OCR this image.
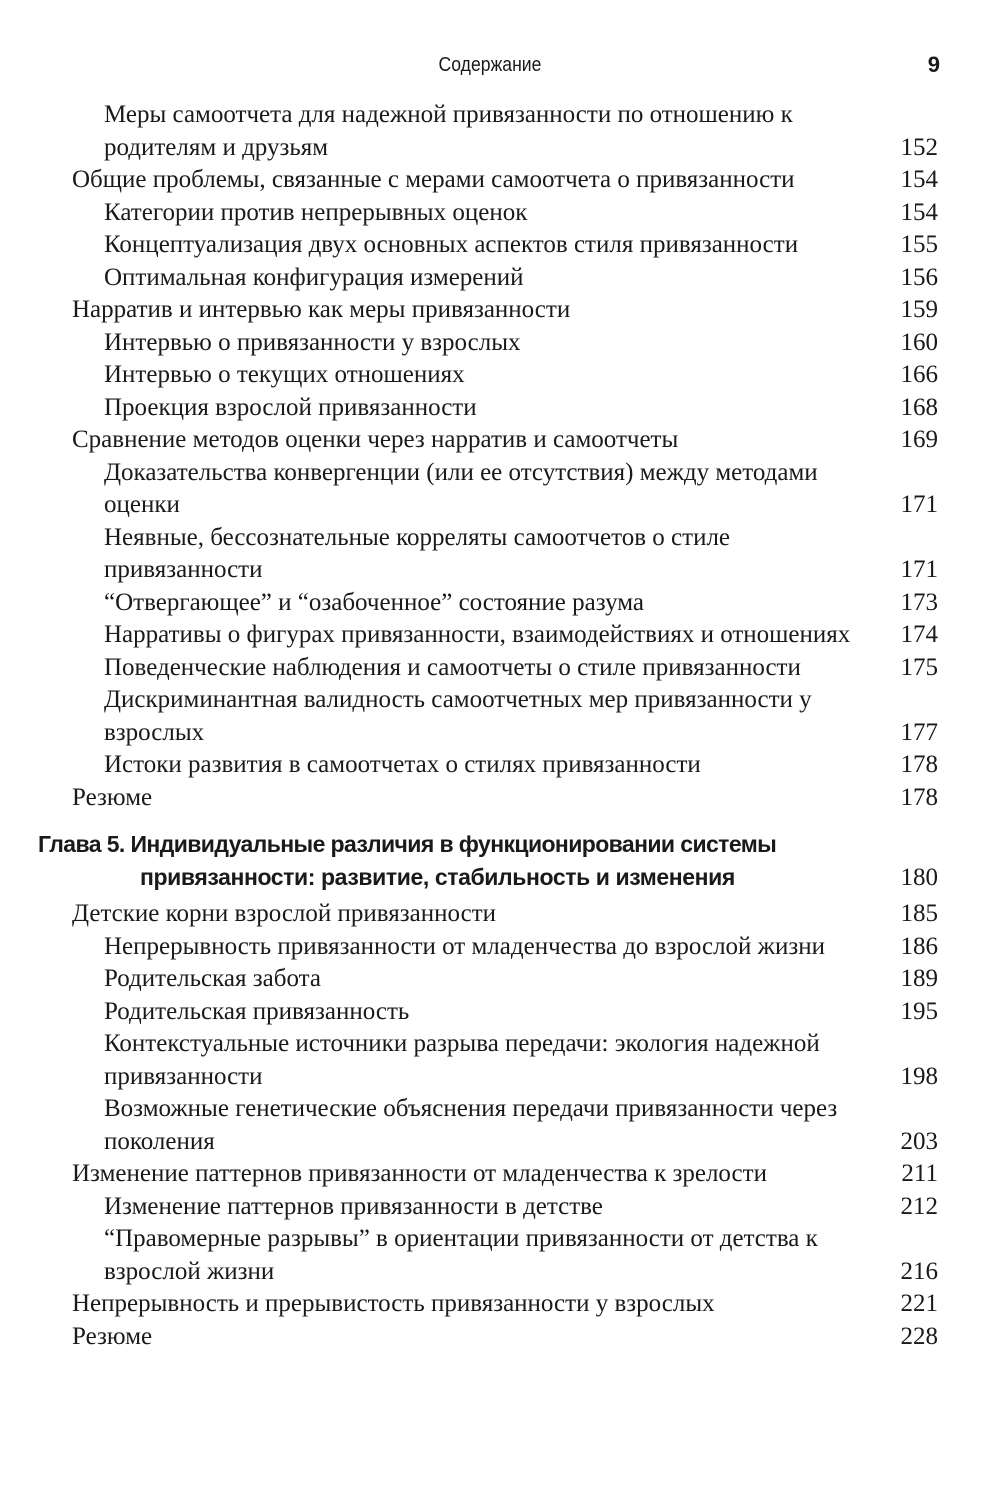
Содержание	9
Меры самоотчета для надежной привязанности по отношению к родителям и друзьям	152
Общие проблемы, связанные с мерами самоотчета о привязанности	154
Категории против непрерывных оценок	154
Концептуализация двух основных аспектов стиля привязанности	155
Оптимальная конфигурация измерений	156
Нарратив и интервью как меры привязанности	159
Интервью о привязанности у взрослых	160
Интервью о текущих отношениях	166
Проекция взрослой привязанности	168
Сравнение методов оценки через нарратив и самоотчеты	169
Доказательства конвергенции (или ее отсутствия) между методами оценки	171
Неявные, бессознательные корреляты самоотчетов о стиле привязанности	171
“Отвергающее” и “озабоченное” состояние разума	173
Нарративы о фигурах привязанности, взаимодействиях и отношениях	174
Поведенческие наблюдения и самоотчеты о стиле привязанности	175
Дискриминантная валидность самоотчетных мер привязанности у взрослых	177
Истоки развития в самоотчетах о стилях привязанности	178
Резюме	178
Глава 5. Индивидуальные различия в функционировании системы
привязанности: развитие, стабильность и изменения	180
Детские корни взрослой привязанности	185
Непрерывность привязанности от младенчества до взрослой жизни	186
Родительская забота	189
Родительская привязанность	195
Контекстуальные источники разрыва передачи: экология надежной привязанности	198
Возможные генетические объяснения передачи привязанности через поколения	203
Изменение паттернов привязанности от младенчества к зрелости	211
Изменение паттернов привязанности в детстве	212
“Правомерные разрывы” в ориентации привязанности от детства к взрослой жизни	216
Непрерывность и прерывистость привязанности у взрослых	221
Резюме	228
